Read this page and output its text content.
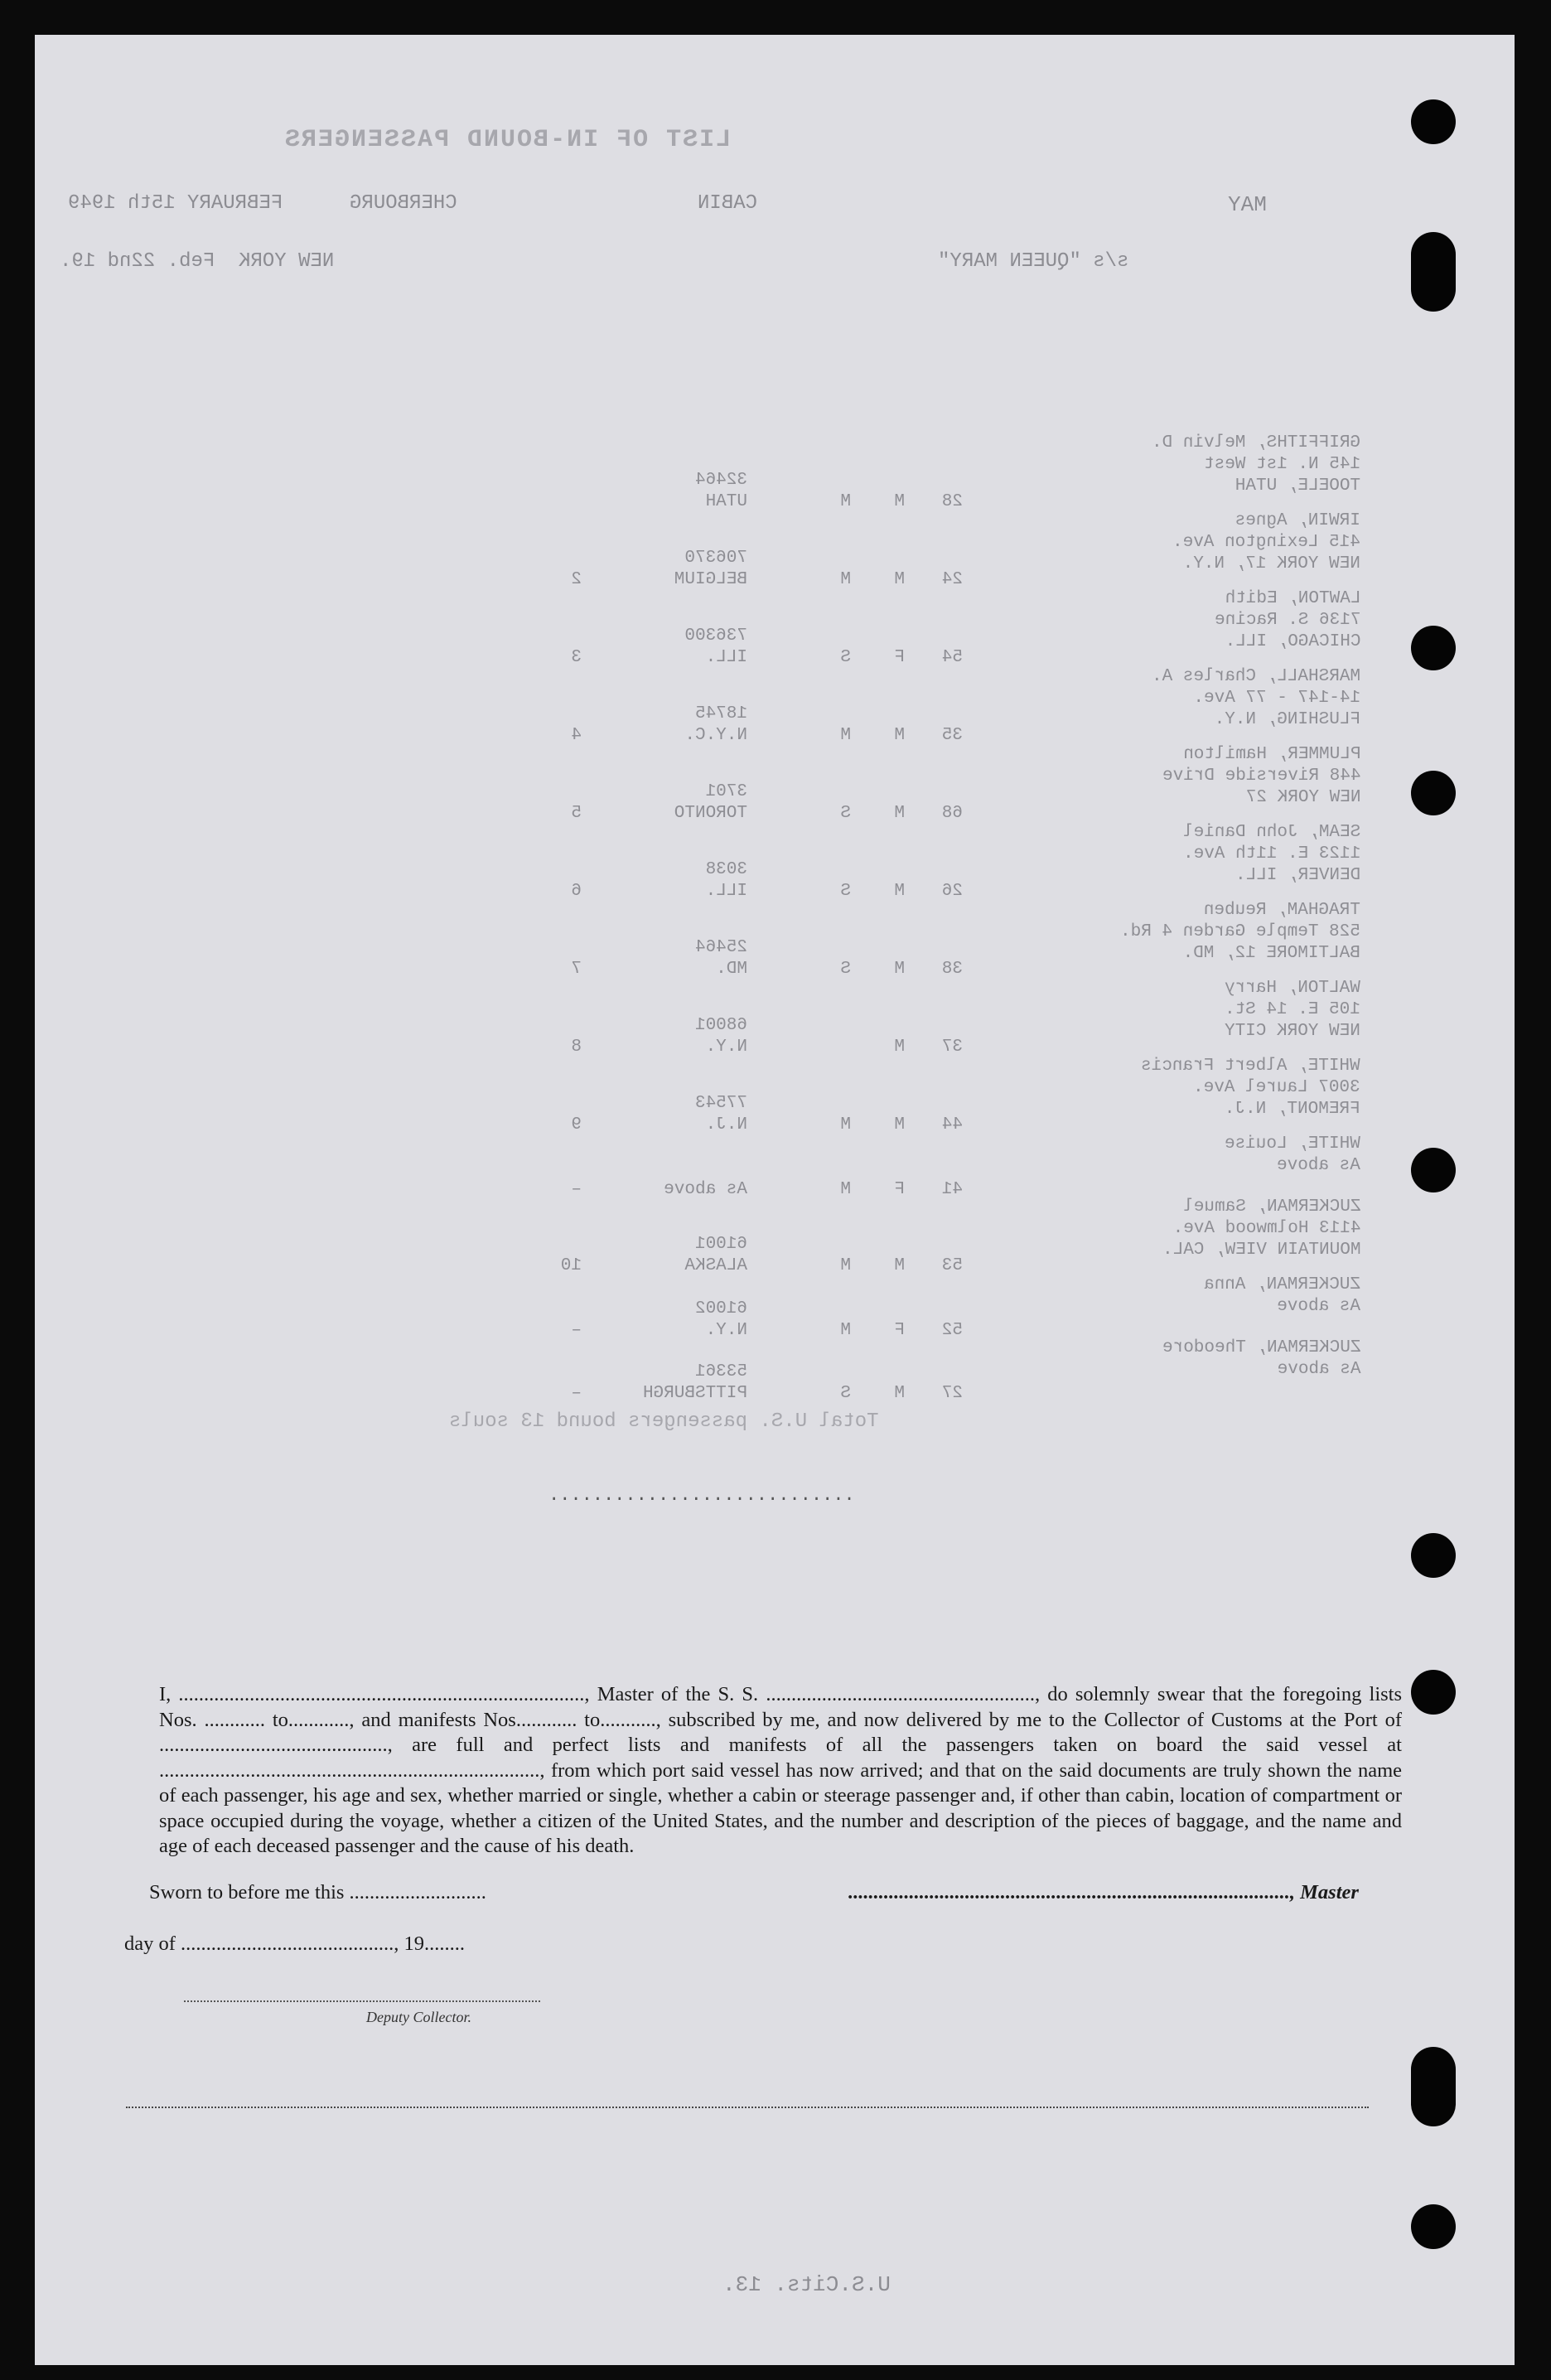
LIST OF IN-BOUND PASSENGERS
MAY
CABIN
CHERBOURG
FEBRUARY 15th 1949
s/s "QUEEN MARY"
NEW YORK  Feb. 22nd 19.
GRIFFITHS, Melvin D.
145 N. 1st West
TOOELE, UTAH
28
M
M
UTAH
32464
IRWIN, Agnes
415 Lexington Ave.
NEW YORK 17, N.Y.
24
M
M
BELGIUM
2
706370
LAWTON, Edith
7136 S. Racine
CHICAGO, ILL.
54
F
S
ILL.
3
736300
MARSHALL, Charles A.
14-147 - 77 Ave.
FLUSHING, N.Y.
35
M
M
N.Y.C.
4
18745
PLUMMER, Hamilton
448 Riverside Drive
NEW YORK 27
68
M
S
TORONTO
5
3701
SEAM, John Daniel
1123 E. 11th Ave.
DENVER, ILL.
26
M
S
ILL.
6
3038
TRAGHAM, Reuben
528 Temple Garden 4 Rd.
BALTIMORE 12, MD.
38
M
S
MD.
7
25464
WALTON, Harry
105 E. 14 St.
NEW YORK CITY
37
M
N.Y.
8
68001
WHITE, Albert Francis
3007 Laurel Ave.
FREMONT, N.J.
44
M
M
N.J.
9
77543
WHITE, Louise
As above
41
F
M
As above
–
ZUCKERMAN, Samuel
4113 Holmwood Ave.
MOUNTAIN VIEW, CAL.
53
M
M
ALASKA
10
61001
ZUCKERMAN, Anna
As above
52
F
M
N.Y.
–
61002
ZUCKERMAN, Theodore
As above
27
M
S
PITTSBURGH
–
53361
Total U.S. passengers bound 13 souls
............................
U.S.Cits. 13.

I, ................................................................................, Master of the S. S. ....................................................., do solemnly swear that the foregoing lists Nos. ............ to............, and manifests Nos............ to..........., subscribed by me, and now delivered by me to the Collector of Customs at the Port of ............................................., are full and perfect lists and manifests of all the passengers taken on board the said vessel at ..........................................................................., from which port said vessel has now arrived; and that on the said documents are truly shown the name of each passenger, his age and sex, whether married or single, whether a cabin or steerage passenger and, if other than cabin, location of compartment or space occupied during the voyage, whether a citizen of the United States, and the number and description of the pieces of baggage, and the name and age of each deceased passenger and the cause of his death.

Sworn to before me this ...........................	......................................................................................., Master
day of .........................................., 19........
Deputy Collector.
